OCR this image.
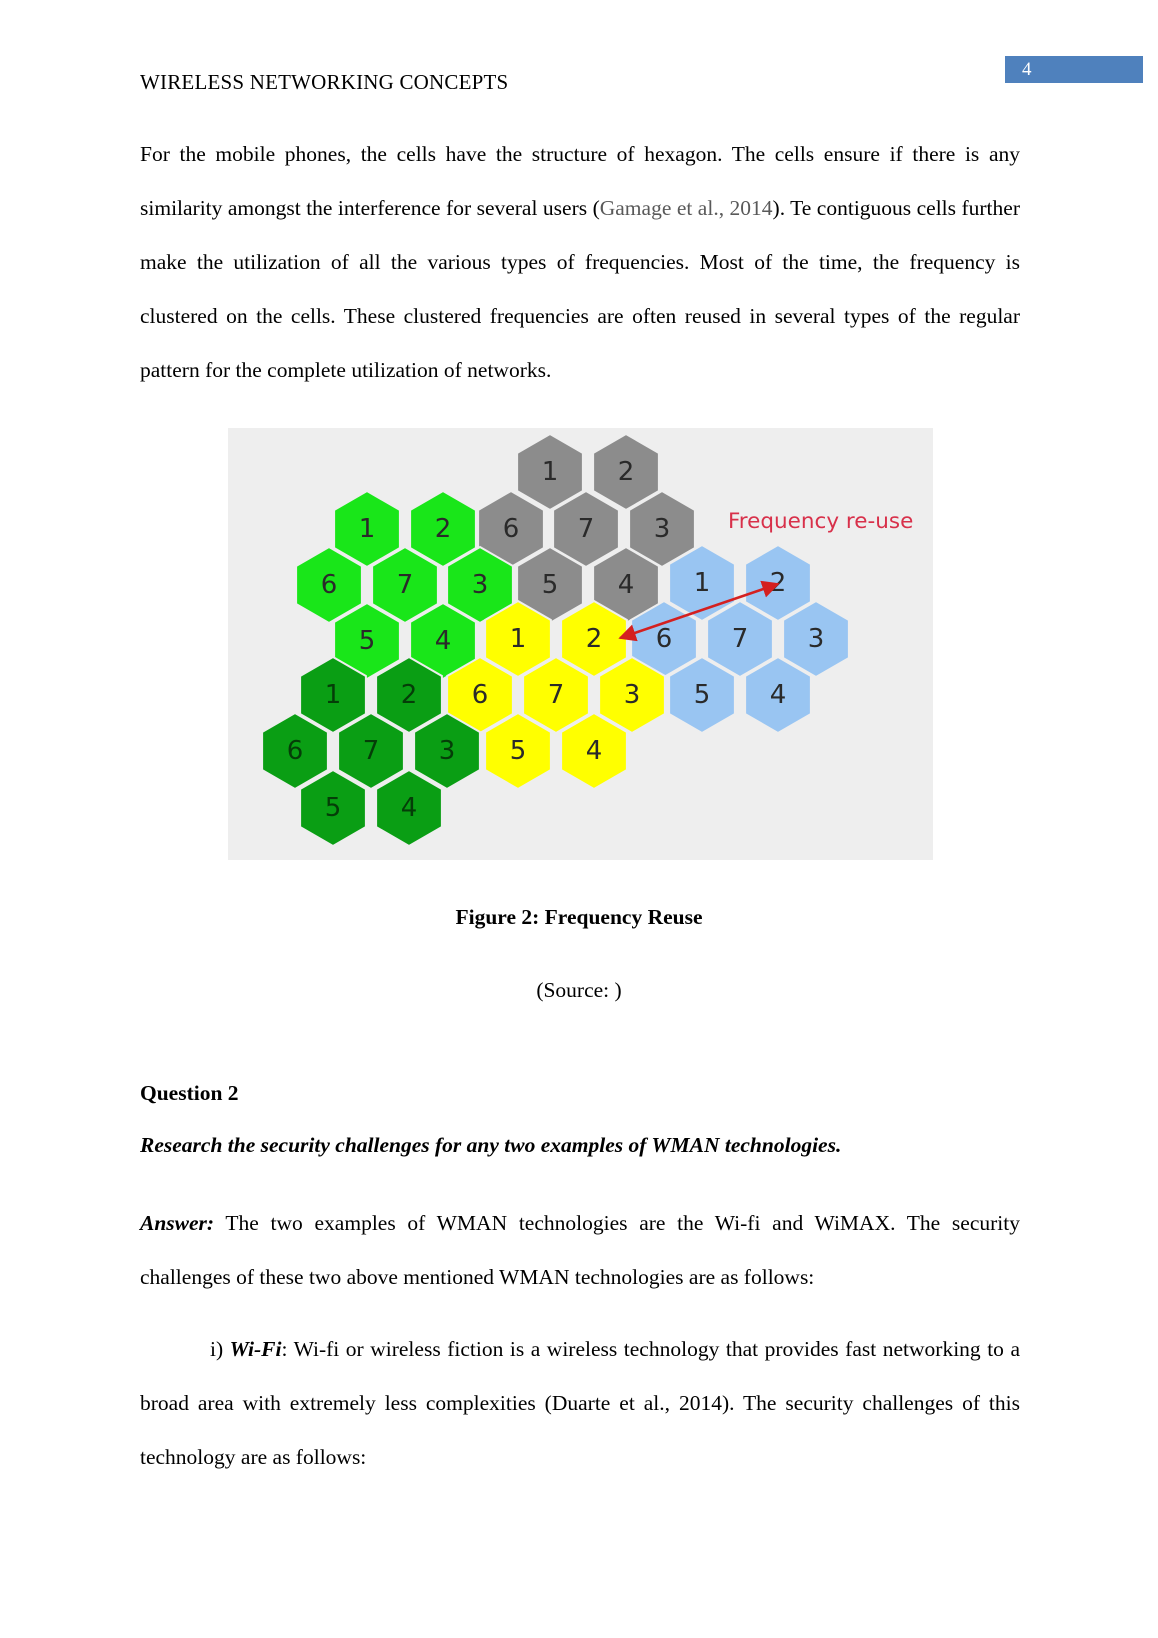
4
WIRELESS NETWORKING CONCEPTS

For the mobile phones, the cells have the structure of hexagon. The cells ensure if there is any similarity amongst the interference for several users (Gamage et al., 2014). Te contiguous cells further make the utilization of all the various types of frequencies. Most of the time, the frequency is clustered on the cells. These clustered frequencies are often reused in several types of the regular pattern for the complete utilization of networks.

1 2
6 7 3
5 4
1 2
6 7 3
5 4
1 2
6 7 3
5 4
1 2
6 7 3
5 4
1 2
6 7 3
5 4
Frequency re-use
Figure 2: Frequency Reuse
(Source: )
Question 2
Research the security challenges for any two examples of WMAN technologies.

Answer: The two examples of WMAN technologies are the Wi-fi and WiMAX. The security challenges of these two above mentioned WMAN technologies are as follows:

i) Wi-Fi: Wi-fi or wireless fiction is a wireless technology that provides fast networking to a broad area with extremely less complexities (Duarte et al., 2014). The security challenges of this technology are as follows:
